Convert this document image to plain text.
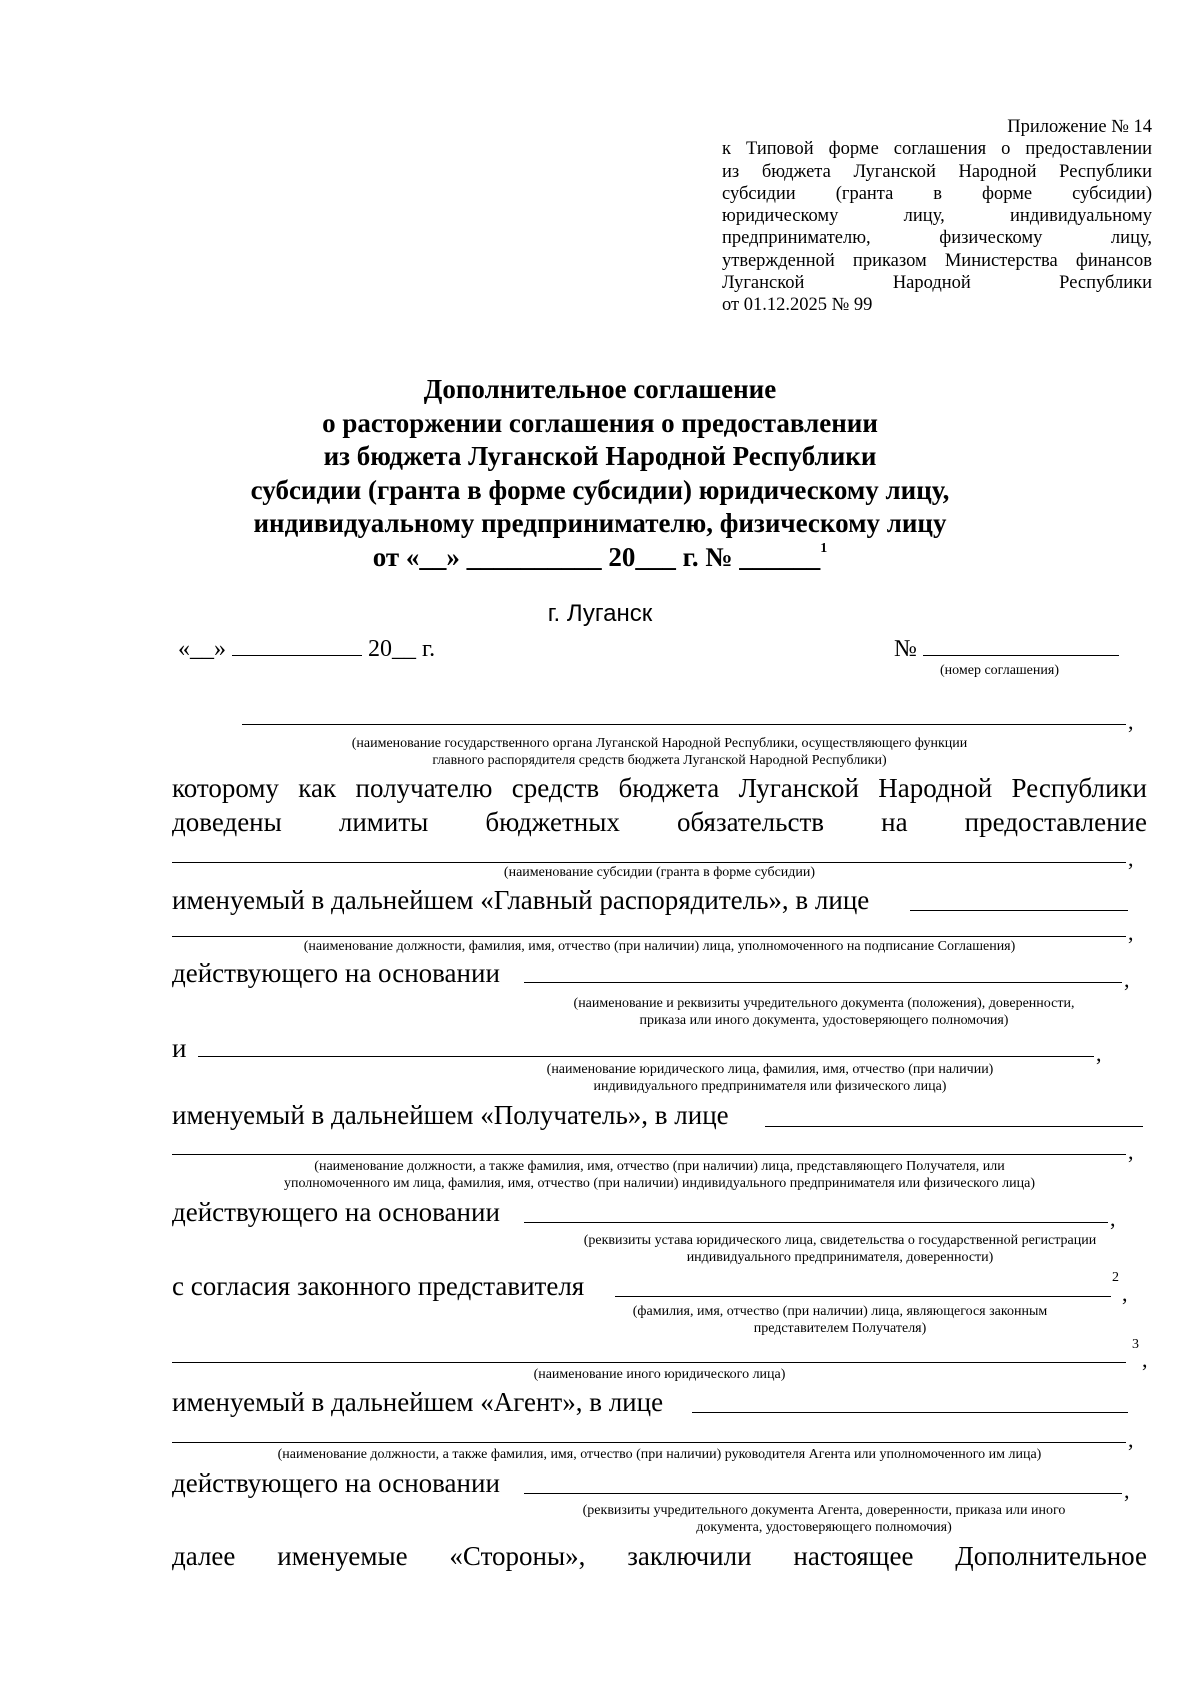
Приложение № 14
к Типовой форме соглашения о предоставлении
из бюджета Луганской Народной Республики
субсидии (гранта в форме субсидии)
юридическому лицу, индивидуальному
предпринимателю, физическому лицу,
утвержденной приказом Министерства финансов
Луганской Народной Республики
от 01.12.2025 № 99
Дополнительное соглашение
о расторжении соглашения о предоставлении
из бюджета Луганской Народной Республики
субсидии (гранта в форме субсидии) юридическому лицу,
индивидуальному предпринимателю, физическому лицу
от «__» __________ 20___ г. № ______$^1$
г. Луганск
«__»	20__ г.	№
(номер соглашения)
,
(наименование государственного органа Луганской Народной Республики, осуществляющего функции
главного распорядителя средств бюджета Луганской Народной Республики)
которому как получателю средств бюджета Луганской Народной Республики
доведены лимиты бюджетных обязательств на предоставление
,
(наименование субсидии (гранта в форме субсидии)
именуемый в дальнейшем «Главный распорядитель», в лице
,
(наименование должности, фамилия, имя, отчество (при наличии) лица, уполномоченного на подписание Соглашения)
действующего на основании	,
(наименование и реквизиты учредительного документа (положения), доверенности,
приказа или иного документа, удостоверяющего полномочия)
и	,
(наименование юридического лица, фамилия, имя, отчество (при наличии)
индивидуального предпринимателя или физического лица)
именуемый в дальнейшем «Получатель», в лице
,
(наименование должности, а также фамилия, имя, отчество (при наличии) лица, представляющего Получателя, или
уполномоченного им лица, фамилия, имя, отчество (при наличии) индивидуального предпринимателя или физического лица)
действующего на основании	,
(реквизиты устава юридического лица, свидетельства о государственной регистрации
индивидуального предпринимателя, доверенности)
с согласия законного представителя	2
,
(фамилия, имя, отчество (при наличии) лица, являющегося законным
представителем Получателя)
3
,
(наименование иного юридического лица)
именуемый в дальнейшем «Агент», в лице
,
(наименование должности, а также фамилия, имя, отчество (при наличии) руководителя Агента или уполномоченного им лица)
действующего на основании	,
(реквизиты учредительного документа Агента, доверенности, приказа или иного
документа, удостоверяющего полномочия)
далее именуемые «Стороны», заключили настоящее Дополнительное
